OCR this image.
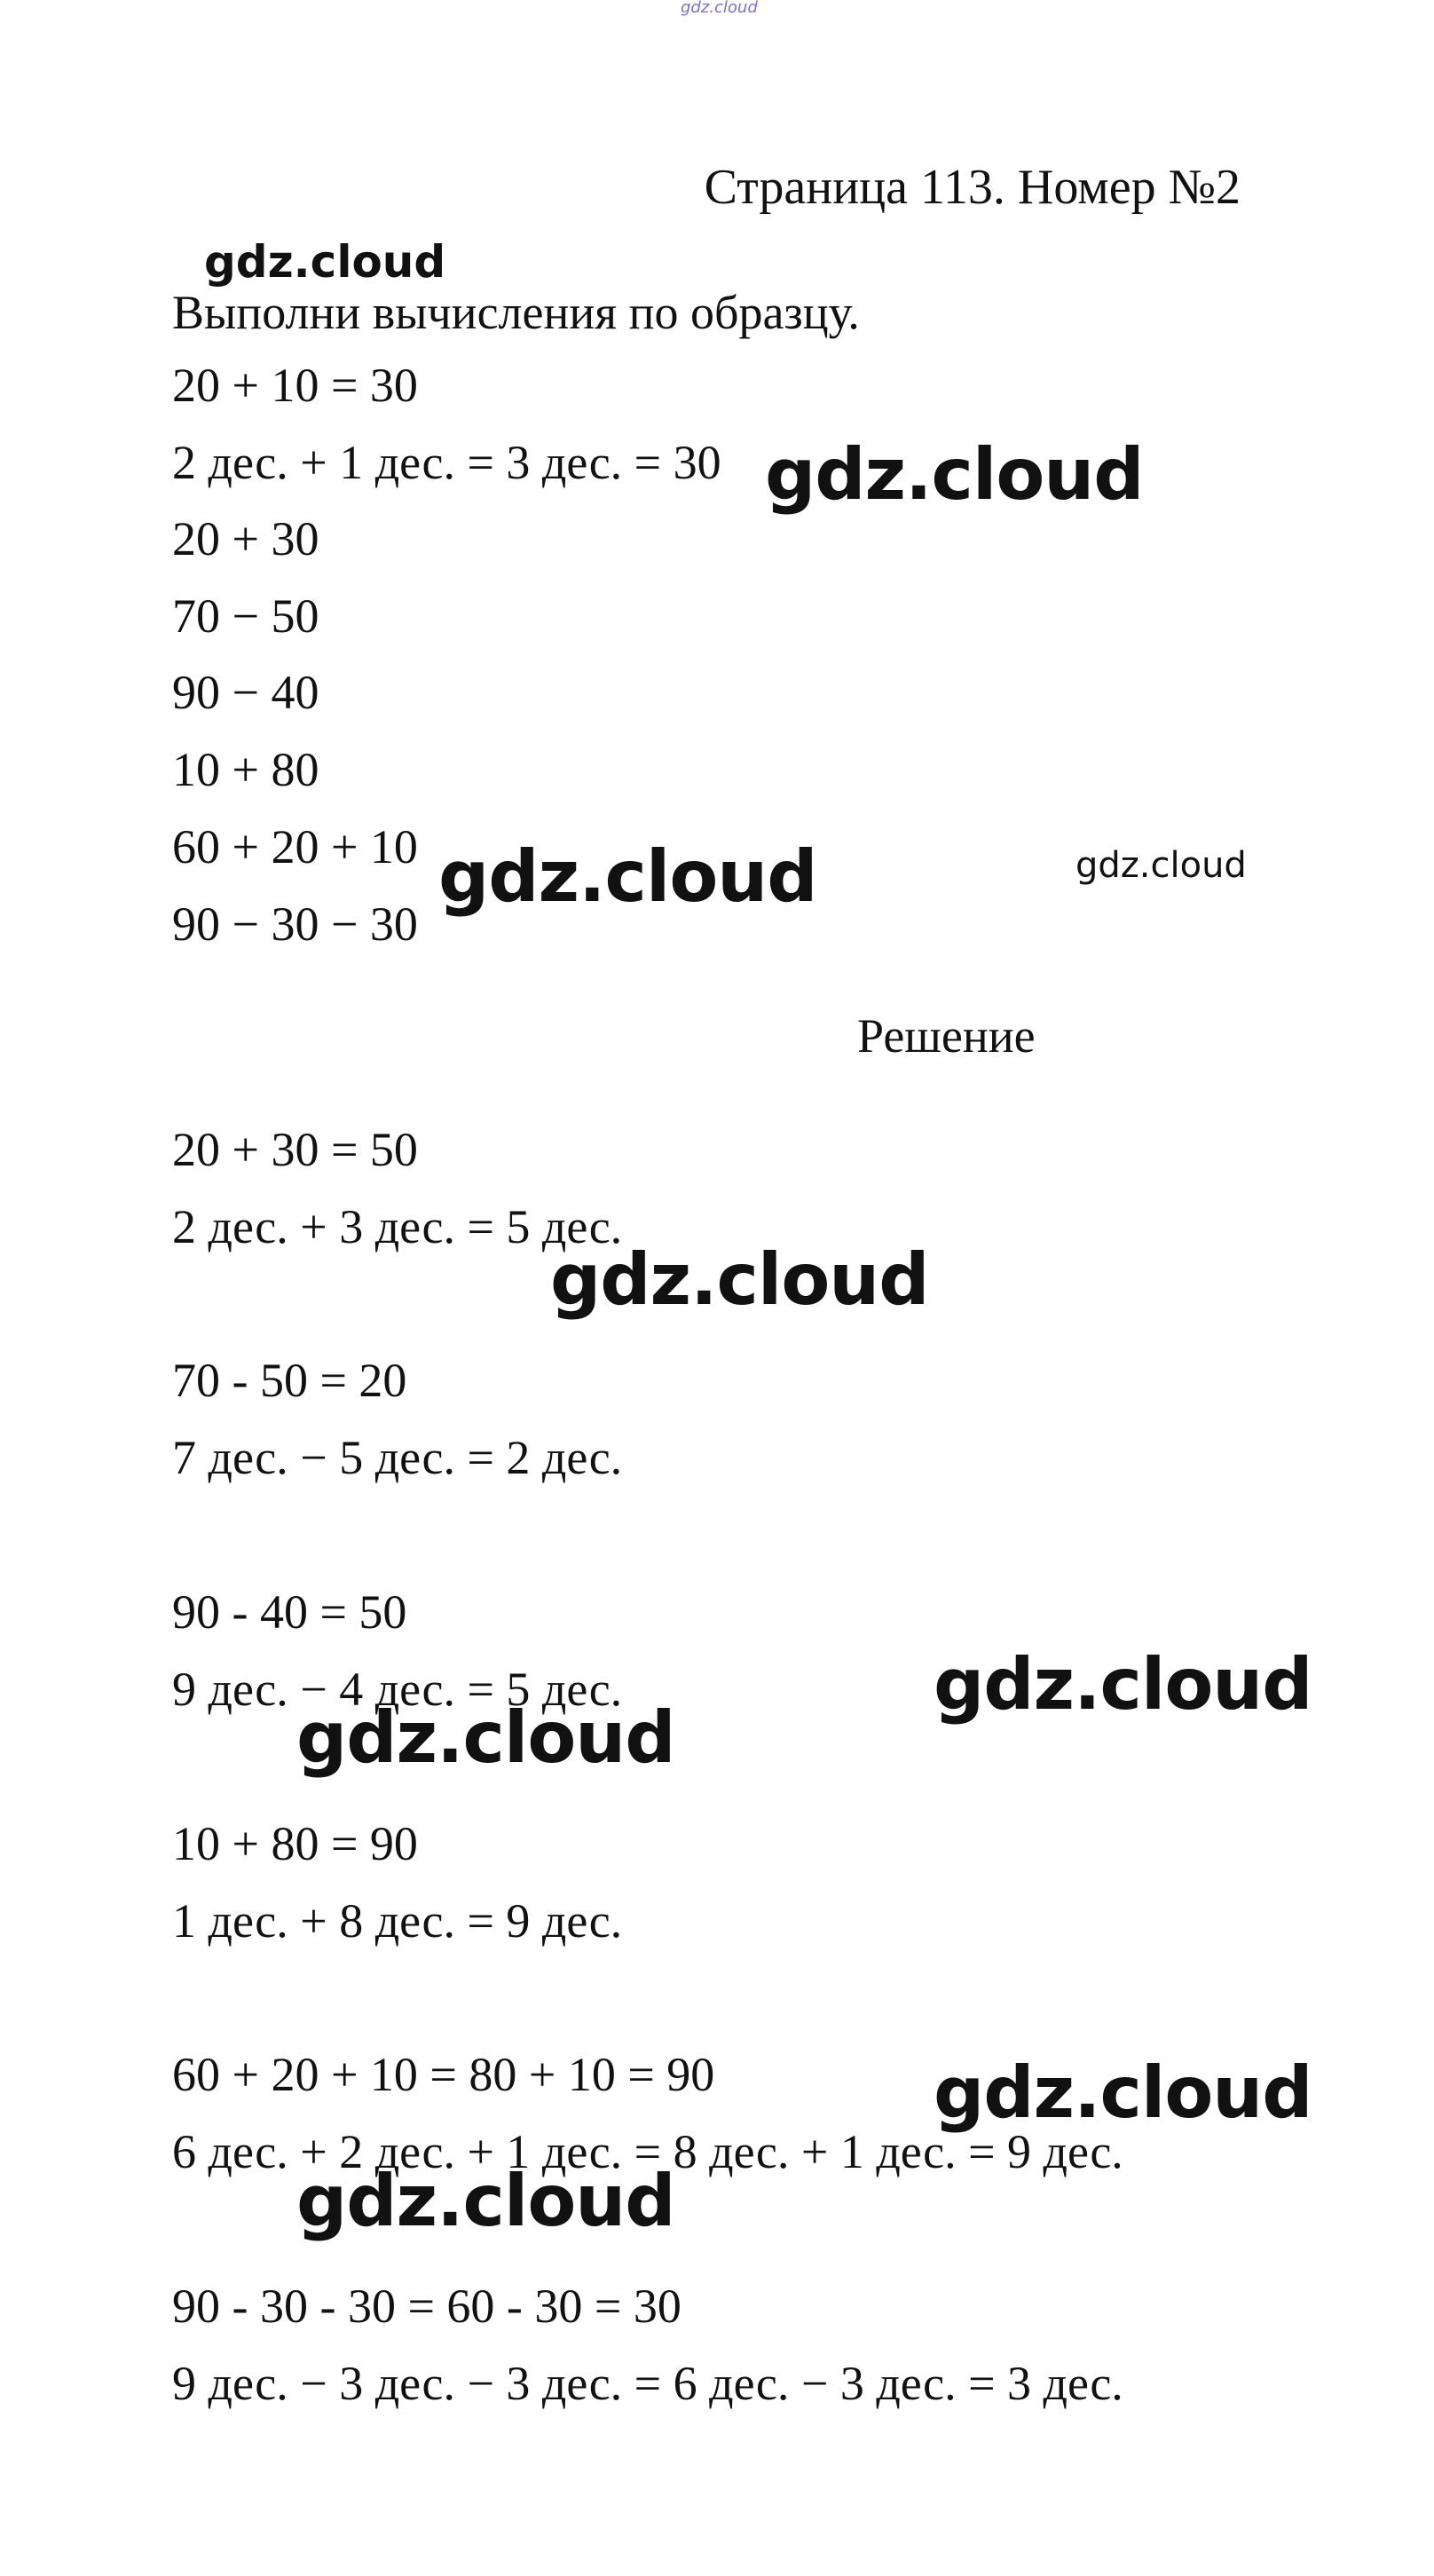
gdz.cloud
Страница 113. Номер №2
Выполни вычисления по образцу.
20 + 10 = 30
2 дес. + 1 дес. = 3 дес. = 30
20 + 30
70 − 50
90 − 40
10 + 80
60 + 20 + 10
90 − 30 − 30
Решение
20 + 30 = 50
2 дес. + 3 дес. = 5 дес.
70 - 50 = 20
7 дес. − 5 дес. = 2 дес.
90 - 40 = 50
9 дес. − 4 дес. = 5 дес.
10 + 80 = 90
1 дес. + 8 дес. = 9 дес.
60 + 20 + 10 = 80 + 10 = 90
6 дес. + 2 дес. + 1 дес. = 8 дес. + 1 дес. = 9 дес.
90 - 30 - 30 = 60 - 30 = 30
9 дес. − 3 дес. − 3 дес. = 6 дес. − 3 дес. = 3 дес.
gdz.cloud
gdz.cloud
gdz.cloud	gdz.cloud
gdz.cloud
gdz.cloud
gdz.cloud
gdz.cloud
gdz.cloud
